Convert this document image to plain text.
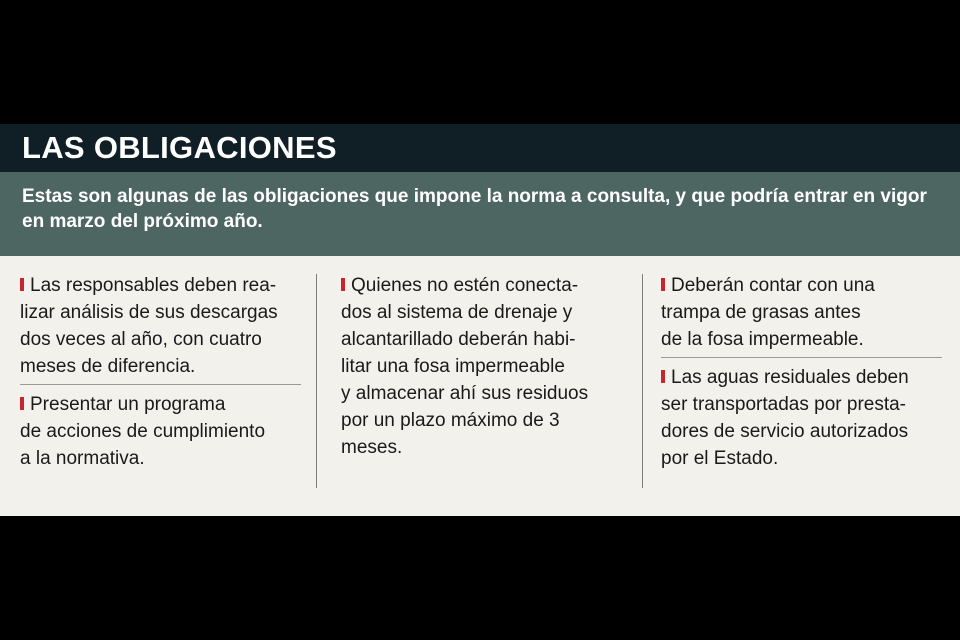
LAS OBLIGACIONES
Estas son algunas de las obligaciones que impone la norma a consulta, y que podría entrar en vigor en marzo del próximo año.
Las responsables deben rea-
lizar análisis de sus descargas
dos veces al año, con cuatro
meses de diferencia.
Presentar un programa
de acciones de cumplimiento
a la normativa.
Quienes no estén conecta-
dos al sistema de drenaje y
alcantarillado deberán habi-
litar una fosa impermeable
y almacenar ahí sus residuos
por un plazo máximo de 3
meses.
Deberán contar con una
trampa de grasas antes
de la fosa impermeable.
Las aguas residuales deben
ser transportadas por presta-
dores de servicio autorizados
por el Estado.
